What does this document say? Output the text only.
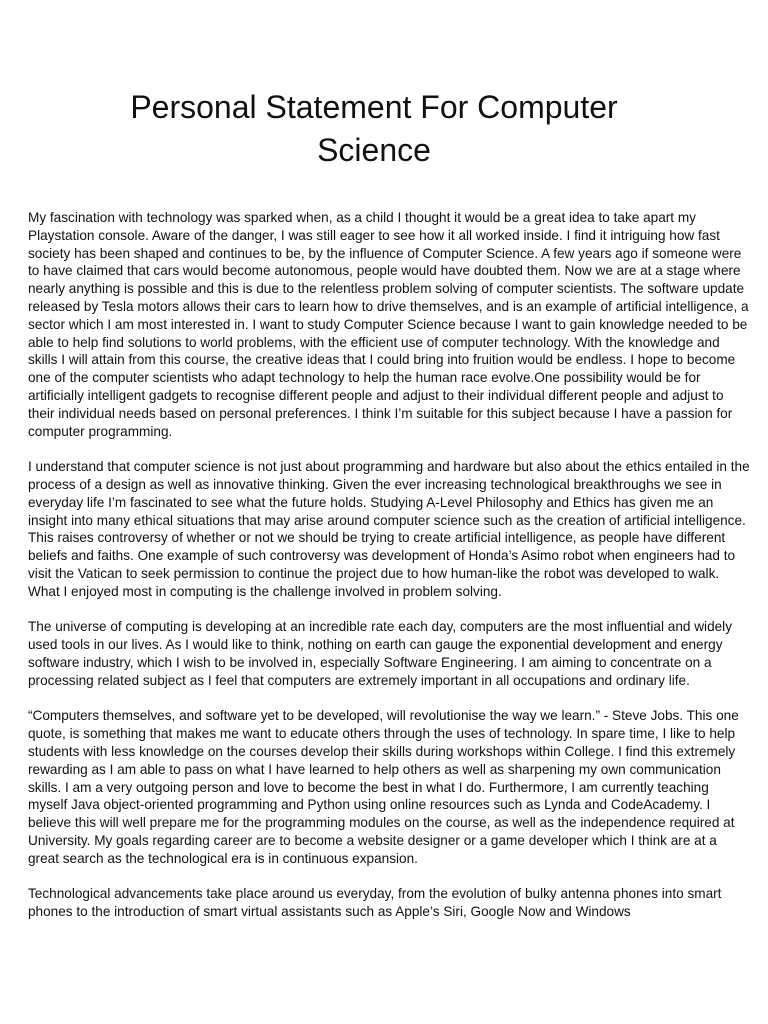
Personal Statement For Computer
Science

My fascination with technology was sparked when, as a child I thought it would be a great idea to take apart my Playstation console. Aware of the danger, I was still eager to see how it all worked inside. I find it intriguing how fast society has been shaped and continues to be, by the influence of Computer Science. A few years ago if someone were to have claimed that cars would become autonomous, people would have doubted them. Now we are at a stage where nearly anything is possible and this is due to the relentless problem solving of computer scientists. The software update released by Tesla motors allows their cars to learn how to drive themselves, and is an example of artificial intelligence, a sector which I am most interested in. I want to study Computer Science because I want to gain knowledge needed to be able to help find solutions to world problems, with the efficient use of computer technology. With the knowledge and skills I will attain from this course, the creative ideas that I could bring into fruition would be endless. I hope to become one of the computer scientists who adapt technology to help the human race evolve.One possibility would be for artificially intelligent gadgets to recognise different people and adjust to their individual different people and adjust to their individual needs based on personal preferences. I think I’m suitable for this subject because I have a passion for computer programming.

I understand that computer science is not just about programming and hardware but also about the ethics entailed in the process of a design as well as innovative thinking. Given the ever increasing technological breakthroughs we see in everyday life I’m fascinated to see what the future holds. Studying A-Level Philosophy and Ethics has given me an insight into many ethical situations that may arise around computer science such as the creation of artificial intelligence. This raises controversy of whether or not we should be trying to create artificial intelligence, as people have different beliefs and faiths. One example of such controversy was development of Honda’s Asimo robot when engineers had to visit the Vatican to seek permission to continue the project due to how human-like the robot was developed to walk. What I enjoyed most in computing is the challenge involved in problem solving.

The universe of computing is developing at an incredible rate each day, computers are the most influential and widely used tools in our lives. As I would like to think, nothing on earth can gauge the exponential development and energy software industry, which I wish to be involved in, especially Software Engineering. I am aiming to concentrate on a processing related subject as I feel that computers are extremely important in all occupations and ordinary life.

“Computers themselves, and software yet to be developed, will revolutionise the way we learn.” - Steve Jobs. This one quote, is something that makes me want to educate others through the uses of technology. In spare time, I like to help students with less knowledge on the courses develop their skills during workshops within College. I find this extremely rewarding as I am able to pass on what I have learned to help others as well as sharpening my own communication skills. I am a very outgoing person and love to become the best in what I do. Furthermore, I am currently teaching myself Java object-oriented programming and Python using online resources such as Lynda and CodeAcademy. I believe this will well prepare me for the programming modules on the course, as well as the independence required at University. My goals regarding career are to become a website designer or a game developer which I think are at a great search as the technological era is in continuous expansion.

Technological advancements take place around us everyday, from the evolution of bulky antenna phones into smart phones to the introduction of smart virtual assistants such as Apple’s Siri, Google Now and Windows
